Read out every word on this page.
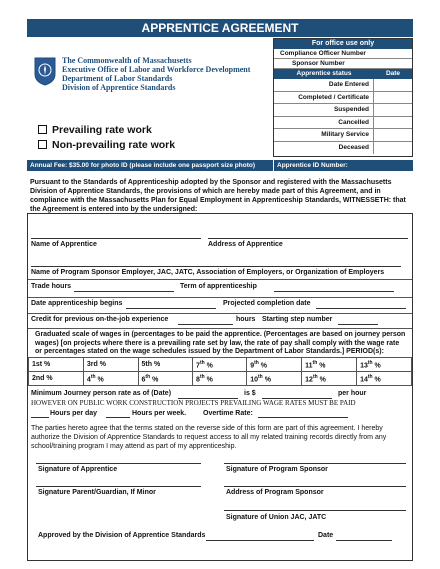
APPRENTICE AGREEMENT
For office use only
Compliance Officer Number
Sponsor Number
Apprentice status	Date
Date Entered
Completed / Certificate
Suspended
Cancelled
Military Service
Deceased
The Commonwealth of Massachusetts
Executive Office of Labor and Workforce Development
Department of Labor Standards
Division of Apprentice Standards
Prevailing rate work
Non-prevailing rate work
Annual Fee: $35.00 for photo ID (please include one passport size photo)	Apprentice ID Number:
Pursuant to the Standards of Apprenticeship adopted by the Sponsor and registered with the Massachusetts Division of Apprentice Standards, the provisions of which are hereby made part of this Agreement, and in compliance with the Massachusetts Plan for Equal Employment in Apprenticeship Standards, WITNESSETH: that the Agreement is entered into by the undersigned:
Name of Apprentice	Address of Apprentice
Name of Program Sponsor Employer, JAC, JATC, Association of Employers, or Organization of Employers
Trade hours	Term of apprenticeship
Date apprenticeship begins	Projected completion date
Credit for previous on-the-job experience	hours Starting step number
Graduated scale of wages in (percentages to be paid the apprentice. (Percentages are based on journey person wages) [on projects where there is a prevailing rate set by law, the rate of pay shall comply with the wage rate or percentages stated on the wage schedules issued by the Department of Labor Standards.] PERIOD(s):
1st %	3rd %	5th %	7th %	9th %	11th %	13th %
2nd %	4th %	6th %	8th %	10th %	12th %	14th %
Minimum Journey person rate as of (Date)	is $	per hour
HOWEVER ON PUBLIC WORK CONSTRUCTION PROJECTS PREVAILING WAGE RATES MUST BE PAID
Hours per day	Hours per week. Overtime Rate:
The parties hereto agree that the terms stated on the reverse side of this form are part of this agreement. I hereby authorize the Division of Apprentice Standards to request access to all my related training records directly from any school/training program I may attend as part of my apprenticeship.
Signature of Apprentice	Signature of Program Sponsor
Signature Parent/Guardian, If Minor	Address of Program Sponsor
Signature of Union JAC, JATC
Approved by the Division of Apprentice Standards	Date
